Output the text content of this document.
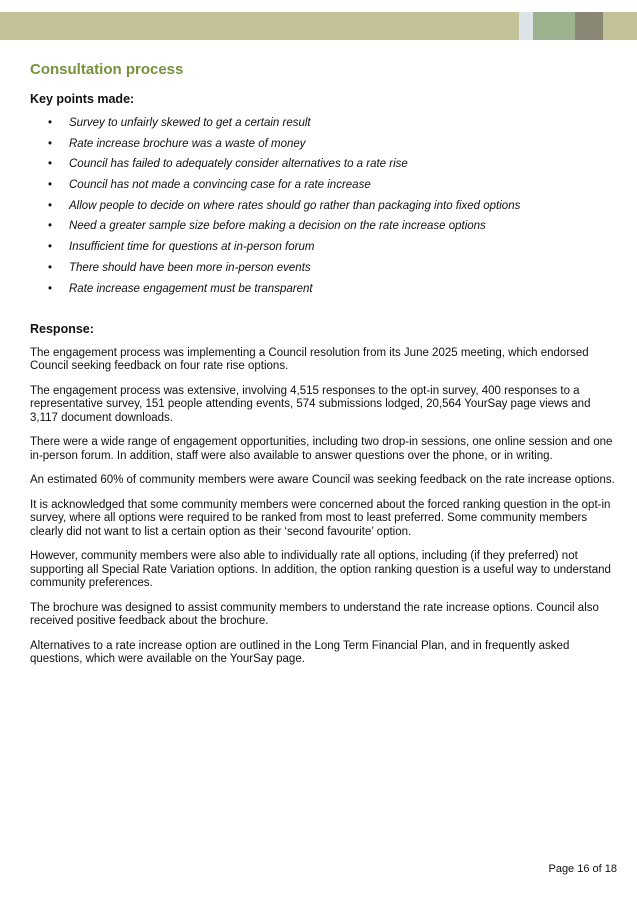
Consultation process
Key points made:
• Survey to unfairly skewed to get a certain result
• Rate increase brochure was a waste of money
• Council has failed to adequately consider alternatives to a rate rise
• Council has not made a convincing case for a rate increase
• Allow people to decide on where rates should go rather than packaging into fixed options
• Need a greater sample size before making a decision on the rate increase options
• Insufficient time for questions at in-person forum
• There should have been more in-person events
• Rate increase engagement must be transparent
Response:

The engagement process was implementing a Council resolution from its June 2025 meeting, which endorsed Council seeking feedback on four rate rise options.

The engagement process was extensive, involving 4,515 responses to the opt-in survey, 400 responses to a representative survey, 151 people attending events, 574 submissions lodged, 20,564 YourSay page views and 3,117 document downloads.

There were a wide range of engagement opportunities, including two drop-in sessions, one online session and one in-person forum. In addition, staff were also available to answer questions over the phone, or in writing.

An estimated 60% of community members were aware Council was seeking feedback on the rate increase options.

It is acknowledged that some community members were concerned about the forced ranking question in the opt-in survey, where all options were required to be ranked from most to least preferred. Some community members clearly did not want to list a certain option as their ‘second favourite’ option.

However, community members were also able to individually rate all options, including (if they preferred) not supporting all Special Rate Variation options. In addition, the option ranking question is a useful way to understand community preferences.

The brochure was designed to assist community members to understand the rate increase options. Council also received positive feedback about the brochure.

Alternatives to a rate increase option are outlined in the Long Term Financial Plan, and in frequently asked questions, which were available on the YourSay page.

Page 16 of 18
